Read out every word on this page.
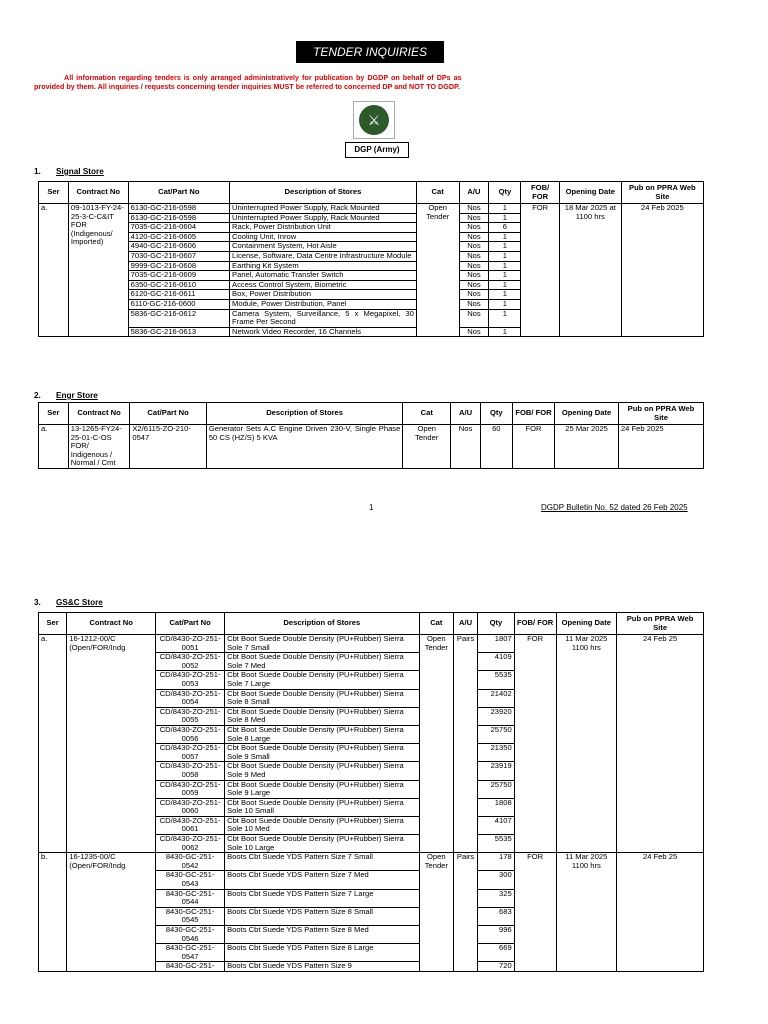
TENDER INQUIRIES
All information regarding tenders is only arranged administratively for publication by DGDP on behalf of DPs as
provided by them. All inquiries / requests concerning tender inquiries MUST be referred to concerned DP and NOT TO DGDP.
⚔
DGP (Army)
1. Signal Store
Ser	Contract No	Cat/Part No	Description of Stores	Cat	A/U	Qty	FOB/ FOR	Opening Date	Pub on PPRA Web Site
a.	09-1013-FY-24-25-3-C-C&IT FOR (Indigenous/ Imported)	6130-GC-216-0598	Uninterrupted Power Supply, Rack Mounted	Open Tender	Nos	1	FOR	18 Mar 2025 at 1100 hrs	24 Feb 2025
		6130-GC-216-0598	Uninterrupted Power Supply, Rack Mounted		Nos	1			
		7035-GC-216-0604	Rack, Power Distribution Unit		Nos	6			
		4120-GC-216-0605	Cooling Unit, Inrow		Nos	1			
		4940-GC-216-0606	Containment System, Hot Aisle		Nos	1			
		7030-GC-216-0607	License, Software, Data Centre Infrastructure Module		Nos	1			
		9999-GC-216-0608	Earthing Kit System		Nos	1			
		7035-GC-216-0609	Panel, Automatic Transfer Switch		Nos	1			
		6350-GC-216-0610	Access Control System, Biometric		Nos	1			
		6120-GC-216-0611	Box, Power Distribution		Nos	1			
		6110-GC-216-0600	Module, Power Distribution, Panel		Nos	1			
		5836-GC-216-0612	Camera System, Surveillance, 5 x Megapixel, 30 Frame Per Second		Nos	1			
		5836-GC-216-0613	Network Video Recorder, 16 Channels		Nos	1			
2. Engr Store
Ser	Contract No	Cat/Part No	Description of Stores	Cat	A/U	Qty	FOB/ FOR	Opening Date	Pub on PPRA Web Site
a.	13-1265-FY24-25-01-C-OS FOR/ Indigenous / Normal / Cmt	X2/6115-ZO-210-0547	Generator Sets A.C Engine Driven 230-V, Single Phase 50 CS (HZ/S) 5 KVA	Open Tender	Nos	60	FOR	25 Mar 2025	24 Feb 2025
1	DGDP Bulletin No. 52 dated 26 Feb 2025
3. GS&C Store
Ser	Contract No	Cat/Part No	Description of Stores	Cat	A/U	Qty	FOB/ FOR	Opening Date	Pub on PPRA Web Site
a.	16-1212-00/C (Open/FOR/Indg	CD/8430-ZO-251-0051	Cbt Boot Suede Double Density (PU+Rubber) Sierra Sole 7 Small	Open Tender	Pairs	1807	FOR	11 Mar 2025 1100 hrs	24 Feb 25
		CD/8430-ZO-251-0052	Cbt Boot Suede Double Density (PU+Rubber) Sierra Sole 7 Med			4109			
		CD/8430-ZO-251-0053	Cbt Boot Suede Double Density (PU+Rubber) Sierra Sole 7 Large			5535			
		CD/8430-ZO-251-0054	Cbt Boot Suede Double Density (PU+Rubber) Sierra Sole 8 Small			21402			
		CD/8430-ZO-251-0055	Cbt Boot Suede Double Density (PU+Rubber) Sierra Sole 8 Med			23920			
		CD/8430-ZO-251-0056	Cbt Boot Suede Double Density (PU+Rubber) Sierra Sole 8 Large			25750			
		CD/8430-ZO-251-0057	Cbt Boot Suede Double Density (PU+Rubber) Sierra Sole 9 Small			21350			
		CD/8430-ZO-251-0058	Cbt Boot Suede Double Density (PU+Rubber) Sierra Sole 9 Med			23919			
		CD/8430-ZO-251-0059	Cbt Boot Suede Double Density (PU+Rubber) Sierra Sole 9 Large			25750			
		CD/8430-ZO-251-0060	Cbt Boot Suede Double Density (PU+Rubber) Sierra Sole 10 Small			1808			
		CD/8430-ZO-251-0061	Cbt Boot Suede Double Density (PU+Rubber) Sierra Sole 10 Med			4107			
		CD/8430-ZO-251-0062	Cbt Boot Suede Double Density (PU+Rubber) Sierra Sole 10 Large			5535			
b.	16-1235-00/C (Open/FOR/Indg	8430-GC-251-0542	Boots Cbt Suede YDS Pattern Size 7 Small	Open Tender	Pairs	178	FOR	11 Mar 2025 1100 hrs	24 Feb 25
		8430-GC-251-0543	Boots Cbt Suede YDS Pattern Size 7 Med			300			
		8430-GC-251-0544	Boots Cbt Suede YDS Pattern Size 7 Large			325			
		8430-GC-251-0545	Boots Cbt Suede YDS Pattern Size 8 Small			683			
		8430-GC-251-0546	Boots Cbt Suede YDS Pattern Size 8 Med			996			
		8430-GC-251-0547	Boots Cbt Suede YDS Pattern Size 8 Large			669			
		8430-GC-251-	Boots Cbt Suede YDS Pattern Size 9			720			
